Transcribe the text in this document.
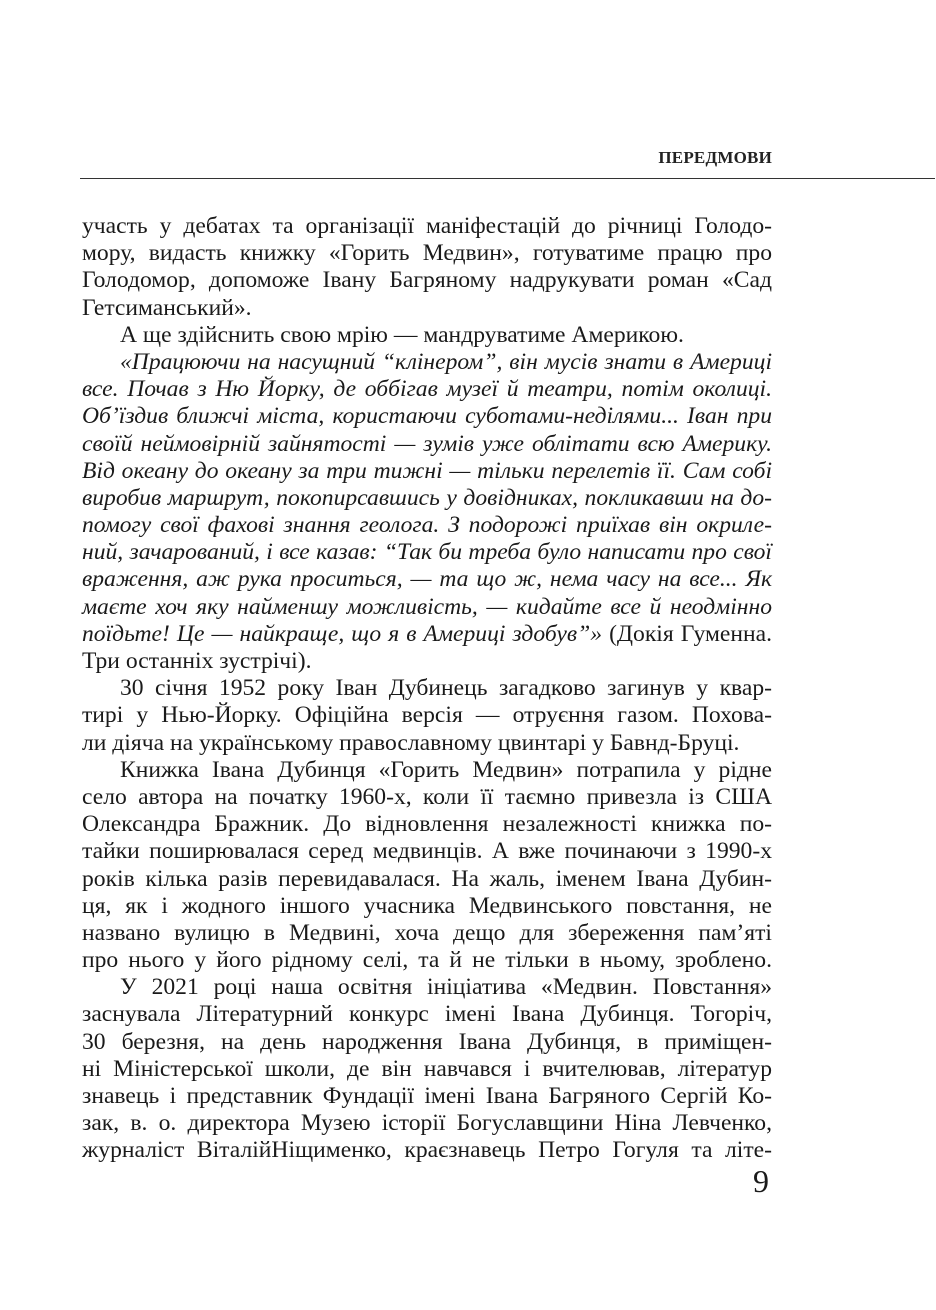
ПЕРЕДМОВИ
участь у дебатах та організації маніфестацій до річниці Голодо-
мору, видасть книжку «Горить Медвин», готуватиме працю про
Голодомор, допоможе Івану Багряному надрукувати роман «Сад
Гетсиманський».
А ще здійснить свою мрію — мандруватиме Америкою.
«Працюючи на насущний “клінером”, він мусів знати в Америці
все. Почав з Ню Йорку, де оббігав музеї й театри, потім околиці.
Об’їздив ближчі міста, користаючи суботами-неділями... Іван при
своїй неймовірній зайнятості — зумів уже облітати всю Америку.
Від океану до океану за три тижні — тільки перелетів її. Сам собі
виробив маршрут, покопирсавшись у довідниках, покликавши на до-
помогу свої фахові знання геолога. З подорожі приїхав він окриле-
ний, зачарований, і все казав: “Так би треба було написати про свої
враження, аж рука проситься, — та що ж, нема часу на все... Як
маєте хоч яку найменшу можливість, — кидайте все й неодмінно
поїдьте! Це — найкраще, що я в Америці здобув”» (Докія Гуменна.
Три останніх зустрічі).
30 січня 1952 року Іван Дубинець загадково загинув у квар-
тирі у Нью-Йорку. Офіційна версія — отруєння газом. Похова-
ли діяча на українському православному цвинтарі у Бавнд-Бруці.
Книжка Івана Дубинця «Горить Медвин» потрапила у рідне
село автора на початку 1960-х, коли її таємно привезла із США
Олександра Бражник. До відновлення незалежності книжка по-
тайки поширювалася серед медвинців. А вже починаючи з 1990-х
років кілька разів перевидавалася. На жаль, іменем Івана Дубин-
ця, як і жодного іншого учасника Медвинського повстання, не
названо вулицю в Медвині, хоча дещо для збереження пам’яті
про нього у його рідному селі, та й не тільки в ньому, зроблено.
У 2021 році наша освітня ініціатива «Медвин. Повстання»
заснувала Літературний конкурс імені Івана Дубинця. Тогоріч,
30 березня, на день народження Івана Дубинця, в приміщен-
ні Міністерської школи, де він навчався і вчителював, літератур
знавець і представник Фундації імені Івана Багряного Сергій Ко-
зак, в. о. директора Музею історії Богуславщини Ніна Левченко,
журналіст ВіталійНіщименко, краєзнавець Петро Гогуля та літе-
9
